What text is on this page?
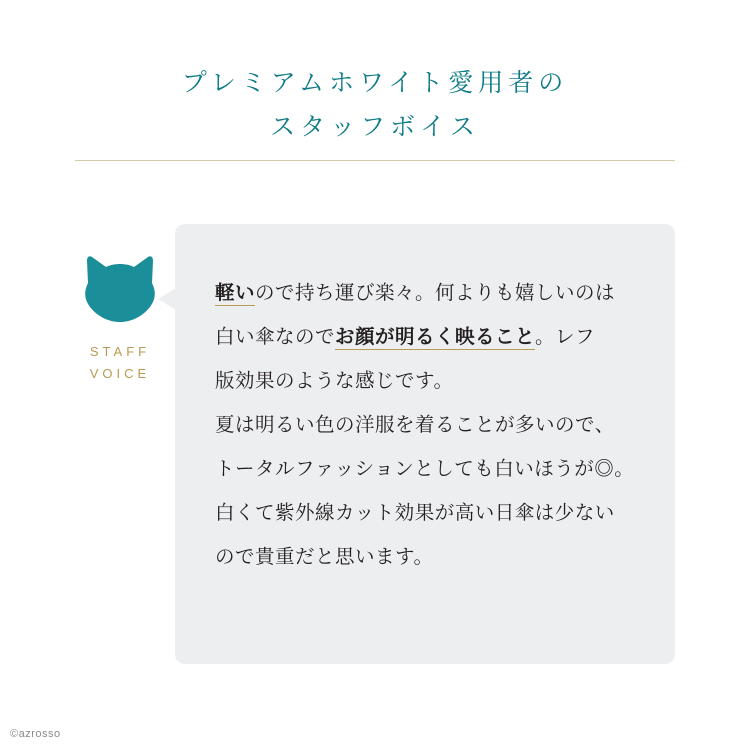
プレミアムホワイト愛用者の
スタッフボイス
STAFF
VOICE

軽いので持ち運び楽々。何よりも嬉しいのは

白い傘なのでお顔が明るく映ること。レフ

版効果のような感じです。

夏は明るい色の洋服を着ることが多いので、

トータルファッションとしても白いほうが◎。

白くて紫外線カット効果が高い日傘は少ない

ので貴重だと思います。

©azrosso
